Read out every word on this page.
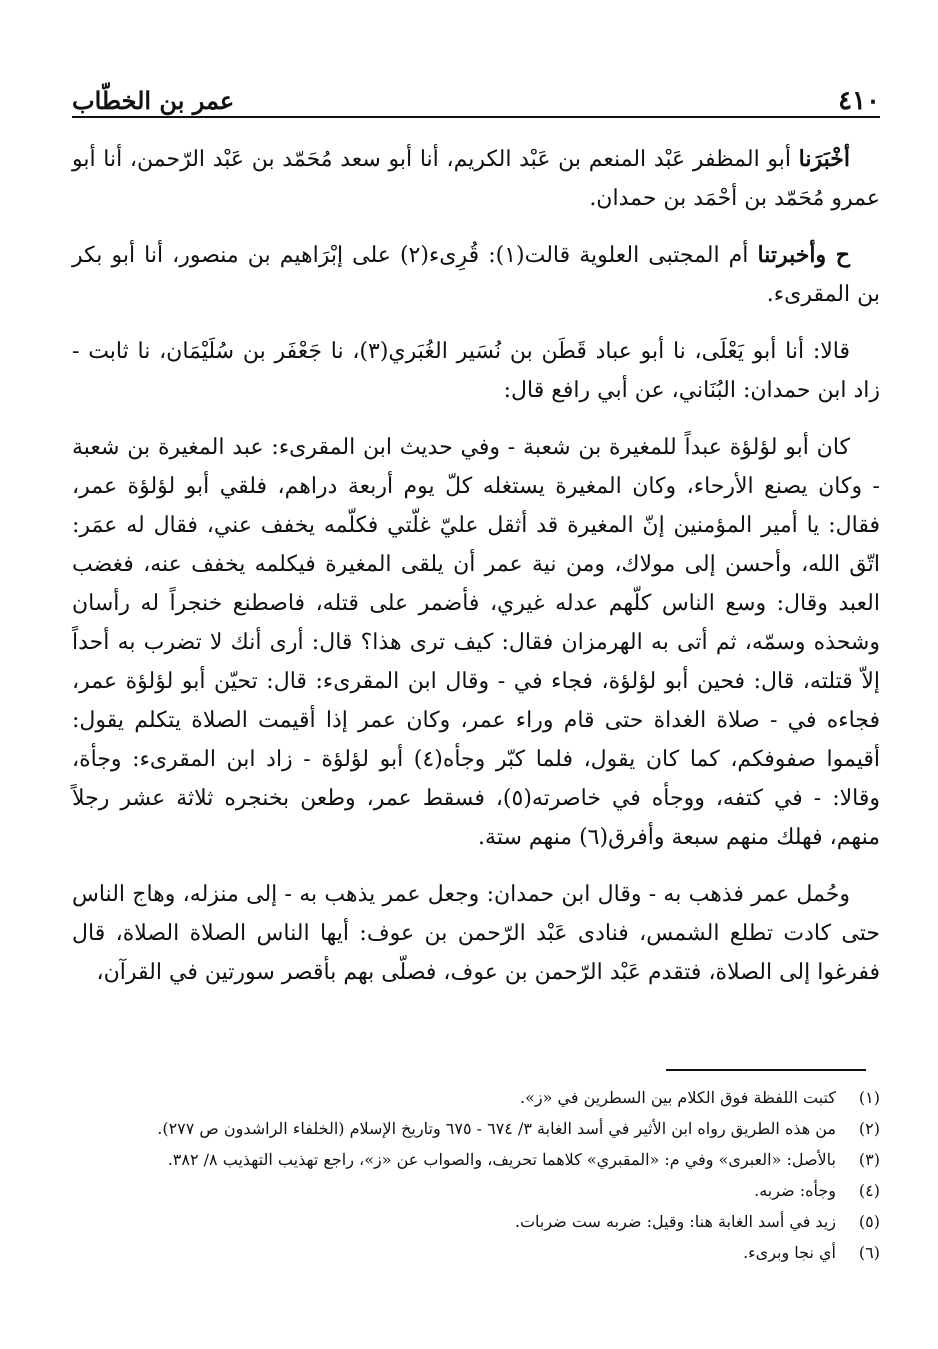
٤١٠
عمر بن الخطّاب

أخْبَرَنا أبو المظفر عَبْد المنعم بن عَبْد الكريم، أنا أبو سعد مُحَمّد بن عَبْد الرّحمن، أنا أبو عمرو مُحَمّد بن أحْمَد بن حمدان.

ح وأخبرتنا أم المجتبى العلوية قالت(١): قُرِىء(٢) على إبْرَاهيم بن منصور، أنا أبو بكر بن المقرىء.

قالا: أنا أبو يَعْلَى، نا أبو عباد قَطَن بن نُسَير الغُبَري(٣)، نا جَعْفَر بن سُلَيْمَان، نا ثابت - زاد ابن حمدان: البُنَاني، عن أبي رافع قال:

كان أبو لؤلؤة عبداً للمغيرة بن شعبة - وفي حديث ابن المقرىء: عبد المغيرة بن شعبة - وكان يصنع الأرحاء، وكان المغيرة يستغله كلّ يوم أربعة دراهم، فلقي أبو لؤلؤة عمر، فقال: يا أمير المؤمنين إنّ المغيرة قد أثقل عليّ غلّتي فكلّمه يخفف عني، فقال له عمَر: اتّق الله، وأحسن إلى مولاك، ومن نية عمر أن يلقى المغيرة فيكلمه يخفف عنه، فغضب العبد وقال: وسع الناس كلّهم عدله غيري، فأضمر على قتله، فاصطنع خنجراً له رأسان وشحذه وسمّه، ثم أتى به الهرمزان فقال: كيف ترى هذا؟ قال: أرى أنك لا تضرب به أحداً إلاّ قتلته، قال: فحين أبو لؤلؤة، فجاء في - وقال ابن المقرىء: قال: تحيّن أبو لؤلؤة عمر، فجاءه في - صلاة الغداة حتى قام وراء عمر، وكان عمر إذا أقيمت الصلاة يتكلم يقول: أقيموا صفوفكم، كما كان يقول، فلما كبّر وجأه(٤) أبو لؤلؤة - زاد ابن المقرىء: وجأة، وقالا: - في كتفه، ووجأه في خاصرته(٥)، فسقط عمر، وطعن بخنجره ثلاثة عشر رجلاً منهم، فهلك منهم سبعة وأفرق(٦) منهم ستة.

وحُمل عمر فذهب به - وقال ابن حمدان: وجعل عمر يذهب به - إلى منزله، وهاج الناس حتى كادت تطلع الشمس، فنادى عَبْد الرّحمن بن عوف: أيها الناس الصلاة الصلاة، قال ففرغوا إلى الصلاة، فتقدم عَبْد الرّحمن بن عوف، فصلّى بهم بأقصر سورتين في القرآن،

(١)
كتبت اللفظة فوق الكلام بين السطرين في «ز».
(٢)
من هذه الطريق رواه ابن الأثير في أسد الغابة ٣/ ٦٧٤ - ٦٧٥ وتاريخ الإسلام (الخلفاء الراشدون ص ٢٧٧).
(٣)
بالأصل: «العبرى» وفي م: «المقبري» كلاهما تحريف، والصواب عن «ز»، راجع تهذيب التهذيب ٨/ ٣٨٢.
(٤)
وجأه: ضربه.
(٥)
زيد في أسد الغابة هنا: وقيل: ضربه ست ضربات.
(٦)
أي نجا وبرىء.
